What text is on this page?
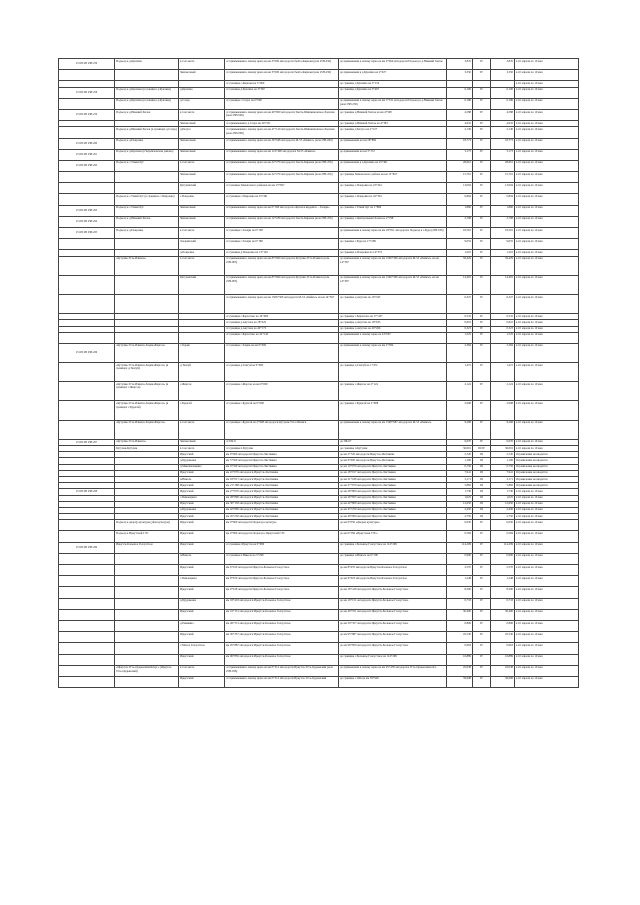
25 ОП МЗ 25Н-256	Подъезд к д.Куклина	в том числе	от примыкания к левому краю на км 3+060 автодороги Тыхта-Кирюки (ном 25Н-256)	до примыкания к левому краю на км 0+060 автодороги Подъезд к д.Нижний Хилок	3,835	IV	3,835	в 10 апреля по 10 мая
		Зимовочный	от примыкания к левому краю на км 3+000 автодороги Тыхта-Кирюки (ном 25Н-256)	до примыкания к д.Куклина на 2+027	3,350	IV	3,350	в 10 апреля по 10 мая
			от границы с.Кирюки на 3+000	до границы д.Куклина на 3+154				в 10 апреля по 10 мая
25 ОП МЗ 25Н-258	Подъезд к д.Куклина (в границах д.Куклина)	д.Куклина	от границы д.Куклина на 3+367	до границы д.Куклина на 3+467	0,100	IV	0,100	в 10 апреля по 10 мая
	Подъезд к д.Куклина (в границах д.Куклина)	д.Сохра	от границы с.Сохра на 0+000	до примыкания к левому краю на км 3+531 автодороги Подъезд к д.Нижний Хилок (ном 25Н-230)	0,186	IV	0,186	в 10 апреля по 10 мая
25 ОП МЗ 25Н-259	Подъезд к д.Нижний Хилок	в том числе	от примыкания к левому краю на км 49+000 автодороги Тыхта-Шишкиновское-Хорзино (ном 25Н-009)	до границы д.Нижний Хилок на км 4+598	4,588	IV	4,588	в 10 апреля по 10 мая
		Зимовочный	от примыкания к д.Сохра на 20+331	до границы д.Нижний Хилок на 4+383	4,632	IV	4,632	в 10 апреля по 10 мая
	Подъезд к д.Нижний Хилок (в границах д.Сохра)	д.Балуса	от примыкания к левому краю на км 47+120 автодороги Тыхта-Шишкиновское-Хорзино (ном 25Н-009)	до границы д.Балуса на 2+127	2,130	IV	2,130	в 10 апреля по 10 мая
25 ОП МЗ 25Н-260	Подъезд к д.Покровка	Зимовочный	от примыкания к левому краю на км 36+048 автодороги М-53 «Байкал» (ном 25Н-009)	до примыкания на км 18+869	18,773	IV	18,773	в 10 апреля по 10 мая
25 ОП МЗ 25Н-261	Подъезд к д.Куклина (в Черемховском районе)	Зимовочный	от примыкания к левому краю на км 114+400 автодороги М-53 «Байкал»	до примыкания на км 3+172	3,173	IV	3,173	в 10 апреля по 10 мая
25 ОП МЗ 25Н-262	Подъезд к с.Узкий Луг	в том числе	от примыкания к левому краю на км 22+270 автодороги Тыхта-Кирюки (ном 25Н-256)	до примыкания к д.Куклина на 23+461	28,661	IV	28,661	в 10 апреля по 10 мая
		Зимовочный	от примыкания к левому краю на км 22+270 автодороги Тыхта-Кирюки (ном 25Н-256)	до границы Зимовочного района на км 15+827	15,761	IV	15,761	в 10 апреля по 10 мая
		Кутулинский	от границы Зимовочного районов на км 15+827	до границы с.Покровка на 23+461	13,004	IV	13,004	в 10 апреля по 10 мая
	Подъезд к с.Узкий Луг (в границах с.Покровка)	с.Покровка	от границы с.Покровка на 23+461	до границы с.Покровка на 24+361	0,894	IV	0,894	в 10 апреля по 10 мая
25 ОП МЗ 25Н-263	Подъезд к с.Узкий Луг	Зимовочный	от примыкания к левому краю на км 0+168 автодороги «Красногвардейск – Залари»	до границы с.Узкий Луг на 1+869	1,860	IV	1,860	в 10 апреля по 10 мая
25 ОП МЗ 25Н-264	Подъезд к д.Нижний Хилок	Зимовочный	от примыкания к левому краю на км 12+180 автодороги Тыхта-Кирюки (ном 25Н-256)	до границы с.Центральный Хазан на 2+798	2,798	IV	2,798	в 10 апреля по 10 мая
25 ОП МЗ 25Н-265	Подъезд к д.Покровка	в том числе	от границы с.Залари на 0+100	до примыкания к левому краю на км 18+811 автодороги Подъезд к с.Бура (25Н-056)	18,581	IV	18,581	в 10 апреля по 10 мая
		Заларинский	от границы с.Залари на 0+180	до границы с.Бура на 17+268	9,055	IV	9,055	в 10 апреля по 10 мая
		д.Покровка	от границы д.Покровка на 13+162	до границы д.Покровка на 14+372	1,210	IV	1,210	в 10 апреля по 10 мая
	«Кутулик-Усть-Илимск»	в том числе	от примыкания к левому краю на км 83+660 автодороги Кутулик-Уста-Илимск (ном 25Н-005)	до примыкания к левому краю на км 1566+306 автодороги М-53 «Байкал» на км 14+367	59,429	IV	59,429	в 10 апреля по 10 мая
		Кутулинский	от примыкания к левому краю на км 83+660 автодороги Кутулик-Уста-Илимск (ном 25Н-005)	до примыкания к левому краю на км 1566+306 автодороги М-53 «Байкал» на км 14+367	14,481	IV	14,481	в 10 апреля по 10 мая
			от примыкания к левому краю на км 1566+306 автодороги М-53 «Байкал» на км 14+367	до границы д.Акутова на 16+343	6,327	IV	6,327	в 10 апреля по 10 мая
			от границы с.Бархатово на 16+900	до границы с.Бархатово на 17+437	0,532	IV	0,532	в 10 апреля по 10 мая
			от границы д.Акутова на 18+025	до границы д.Акутова на 18+635	0,610	IV	0,610	в 10 апреля по 10 мая
			от границы д.Акутова на 40+173	до границы д.Акутова на 40+496	0,323	IV	0,323	в 10 апреля по 10 мая
			от границы с.Бархатово на 42+142	до примыкания к левому краю на 43+667	1,525	IV	1,525	в 10 апреля по 10 мая
25 ОП МЗ 25Н-266	«Кутулик-Уста-Илимск-Харик-Жаргон»	с.Харик	от границы с.Харик на км 0+000	до примыкания к левому краю на км 2+384	2,384	IV	2,384	в 10 апреля по 10 мая
	«Кутулик-Уста-Илимск-Харик-Жаргон» (в границах д.Тангуй)	д.Тангуй	от границы д.Тангуй на 0+000	до границы д.Тангуй на 1+472	1,472	IV	1,472	в 10 апреля по 10 мая
	«Кутулик-Уста-Илимск-Харик-Жаргон» (в границах с.Жаргон)	с.Жаргон	от границы с.Жаргон на км 0+000	до границы с.Жаргон на 2+124	2,124	IV	2,124	в 10 апреля по 10 мая
	«Кутулик-Уста-Илимск-Харик-Жаргон» (в границах с.Будагай)	с.Будагай	от границы с.Будагай на 0+000	до границы с.Будагай на 2+908	2,908	IV	2,908	в 10 апреля по 10 мая
	«Кутулик-Уста-Илимск-Харик-Жаргон»	в том числе	от границы с.Будагай на 2+908 автодороги Кутулик-Уста-Илимск	до примыкания к левому краю на км 1598+687 автодороги М-53 «Байкал»	9,268	IV	9,268	в 10 апреля по 10 мая
25 ОП МЗ 25Н-267	«Кутулик-Уста-Илимск»	Зимовочный	от ПК 0	до ПК 67	6,670	IV	6,670	в 10 апреля по 10 мая
	Кутулик-Кутулик	в том числе	от границы п.Кутулик	до границы п.Кутулик	36,091	III/IV	36,091	в 10 апреля по 10 мая
		Иркутский	км 0+000 автодороги Иркутск-Листвянка	до км 2+720 автодороги Иркутск-Листвянка	2,720	III	2,720	Ограничение не вводится
		д.Бурдаковка	км 5+500 автодороги Иркутск-Листвянка	до км 6+600 автодороги Иркутск-Листвянка	1,100	III	1,100	Ограничение не вводится
		д.Максимовщина	км 9+320 автодороги Иркутск-Листвянка	до км 10+076 автодороги Иркутск-Листвянка	0,756	III	0,756	Ограничение не вводится
		Иркутский	км 10+076 автодороги Иркутск-Листвянка	до км 18+017 автодороги Иркутск-Листвянка	7,941	III	7,941	Ограничение не вводится
		п.Никола	км 18+017 автодороги Иркутск-Листвянка	до км 21+188 автодороги Иркутск-Листвянка	3,171	III	3,171	Ограничение не вводится
		Иркутский	км 21+188 автодороги Иркутск-Листвянка	до км 27+070 автодороги Иркутск-Листвянка	5,882	III	5,882	Ограничение не вводится
25 ОП МЗ 25Н-268		Иркутский	км 27+070 автодороги Иркутск-Листвянка	до км 28+800 автодороги Иркутск-Листвянка	1,730	III	1,730	в 10 апреля по 10 мая
		с.Пивовариха	км 28+800 автодороги Иркутск-Листвянка	до км 29+825 автодороги Иркутск-Листвянка	1,025	III	1,025	в 10 апреля по 10 мая
		Иркутский	км 30+150 автодороги Иркутск-Листвянка	до км 42+800 автодороги Иркутск-Листвянка	12,650	III	12,650	в 10 апреля по 10 мая
		д.Бурдаковка	км 42+800 автодороги Иркутск-Листвянка	до км 45+250 автодороги Иркутск-Листвянка	2,450	III	2,450	в 10 апреля по 10 мая
		Иркутский	км 45+250 автодороги Иркутск-Листвянка	до км 48+000 автодороги Иркутск-Листвянка	2,750	III	2,750	в 10 апреля по 10 мая
	Подъезд к дворцу культуры (Дом культуры)	Иркутский	км 0+000 автодороги Подъезд к культуре	до км 0+050 «Дворец культуры»	0,050	IV	0,050	в 10 апреля по 10 мая
	Подъезд к Иркутской ГЭС	Иркутский	км 0+000 автодороги Подъезд к Иркутской ГЭС	до км 0+584 «Иркутская ГЭС»	0,584	IV	0,584	в 10 апреля по 10 мая
25 ОП МЗ 25Н-269	Иркутск-Большое Голоустное	Иркутский	от границы г.Иркутск на 0+000	до границы с.Большое Голоустное на 114+299	114,299	IV	114,299	в 10 апреля по 10 мая
		п.Никола	от границы п.Никола на 5+200	до границы п.Никола на 6+100	0,900	IV	0,900	в 10 апреля по 10 мая
		Иркутский	км 6+100 автодороги Иркутск-Большое Голоустное	до км 8+670 автодороги Иркутск-Большое Голоустное	2,570	IV	2,570	в 10 апреля по 10 мая
		с.Пивовариха	км 8+670 автодороги Иркутск-Большое Голоустное	до км 9+918 автодороги Иркутск-Большое Голоустное	1,248	IV	1,248	в 10 апреля по 10 мая
		Иркутский	км 9+918 автодороги Иркутск-Большое Голоустное	до км 18+418 автодороги Иркутск-Большое Голоустное	8,500	IV	8,500	в 10 апреля по 10 мая
		д.Бурдаковка	км 18+418 автодороги Иркутск-Большое Голоустное	до км 19+151 автодороги Иркутск-Большое Голоустное	0,733	IV	0,733	в 10 апреля по 10 мая
		Иркутский	км 19+151 автодороги Иркутск-Большое Голоустное	до км 49+551 автодороги Иркутск-Большое Голоустное	30,400	IV	30,400	в 10 апреля по 10 мая
		д.Ревякина	км 49+551 автодороги Иркутск-Большое Голоустное	до км 50+357 автодороги Иркутск-Большое Голоустное	0,806	IV	0,806	в 10 апреля по 10 мая
		Иркутский	км 50+357 автодороги Иркутск-Большое Голоустное	до км 95+887 автодороги Иркутск-Большое Голоустное	45,530	IV	45,530	в 10 апреля по 10 мая
		с.Малое Голоустное	км 95+887 автодороги Иркутск-Большое Голоустное	до км 96+850 автодороги Иркутск-Большое Голоустное	0,963	IV	0,963	в 10 апреля по 10 мая
		Иркутский	км 96+850 автодороги Иркутск-Большое Голоустное	до границы с.Большое Голоустное на 114+299	16,889	IV	16,889	в 10 апреля по 10 мая
	«Иркутск-Усть-Ордынский-Качуг» (Иркутск-Усть-Ордынский)	в том числе	от примыкания к левому краю на км 0+312 автодороги Иркутск-Усть-Ордынский (ном 25Н-036)	до примыкания к левому краю на км 45+438 автодороги Усть-Ордынский-Оса	45,038	IV	45,038	в 10 апреля по 10 мая
		Иркутский	от примыкания к левому краю на км 0+312 автодороги Иркутск-Усть-Ордынский	до границы с.Оёк на км 39+920	39,608	IV	39,608	в 10 апреля по 10 мая
